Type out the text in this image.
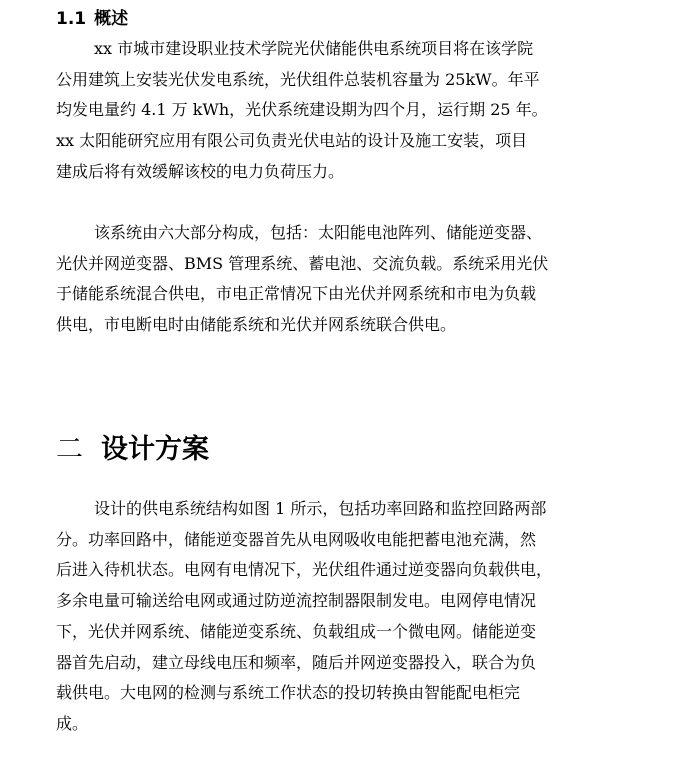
1.1 概述
xx 市城市建设职业技术学院光伏储能供电系统项目将在该学院
公用建筑上安装光伏发电系统，光伏组件总装机容量为 25kW。年平
均发电量约 4.1 万 kWh，光伏系统建设期为四个月，运行期 25 年。
xx 太阳能研究应用有限公司负责光伏电站的设计及施工安装，项目
建成后将有效缓解该校的电力负荷压力。
该系统由六大部分构成，包括：太阳能电池阵列、储能逆变器、
光伏并网逆变器、BMS 管理系统、蓄电池、交流负载。系统采用光伏
于储能系统混合供电，市电正常情况下由光伏并网系统和市电为负载
供电，市电断电时由储能系统和光伏并网系统联合供电。
二 设计方案
设计的供电系统结构如图 1 所示，包括功率回路和监控回路两部
分。功率回路中，储能逆变器首先从电网吸收电能把蓄电池充满，然
后进入待机状态。电网有电情况下，光伏组件通过逆变器向负载供电，
多余电量可输送给电网或通过防逆流控制器限制发电。电网停电情况
下，光伏并网系统、储能逆变系统、负载组成一个微电网。储能逆变
器首先启动，建立母线电压和频率，随后并网逆变器投入，联合为负
载供电。大电网的检测与系统工作状态的投切转换由智能配电柜完
成。
